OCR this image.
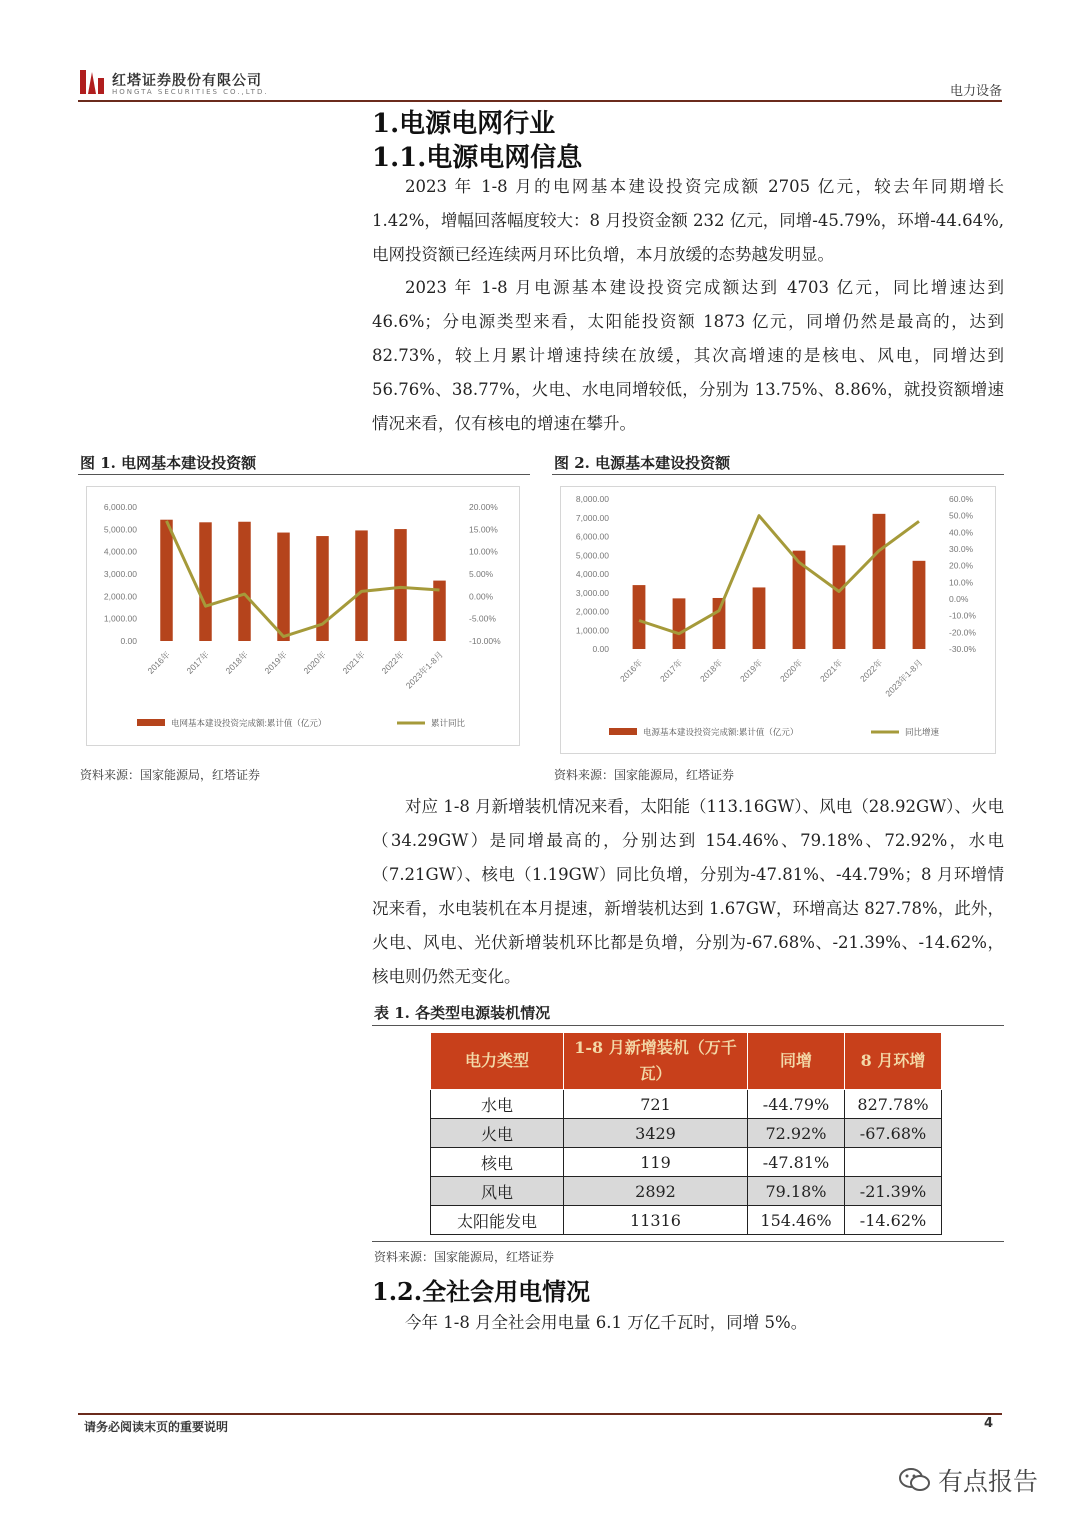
红塔证券股份有限公司
HONGTA SECURITIES CO.,LTD.	电力设备
1.电源电网行业
1.1.电源电网信息

2023 年 1-8 月的电网基本建设投资完成额 2705 亿元，较去年同期增长 1.42%，增幅回落幅度较大：8 月投资金额 232 亿元，同增-45.79%，环增-44.64%,电网投资额已经连续两月环比负增，本月放缓的态势越发明显。

2023 年 1-8 月电源基本建设投资完成额达到 4703 亿元，同比增速达到 46.6%；分电源类型来看，太阳能投资额 1873 亿元，同增仍然是最高的，达到 82.73%，较上月累计增速持续在放缓，其次高增速的是核电、风电，同增达到 56.76%、38.77%，火电、水电同增较低，分别为 13.75%、8.86%，就投资额增速情况来看，仅有核电的增速在攀升。

图 1. 电网基本建设投资额
0.00
1,000.00
2,000.00
3,000.00
4,000.00
5,000.00
6,000.00
-10.00%
-5.00%
0.00%
5.00%
10.00%
15.00%
20.00%
2016年 2017年 2018年 2019年 2020年 2021年 2022年
2023年1-8月
电网基本建设投资完成额:累计值（亿元）	累计同比
资料来源：国家能源局，红塔证券
图 2. 电源基本建设投资额
0.00
1,000.00
2,000.00
3,000.00
4,000.00
5,000.00
6,000.00
7,000.00
8,000.00
-30.0%
-20.0%
-10.0%
0.0%
10.0%
20.0%
30.0%
40.0%
50.0%
60.0%
2016年 2017年 2018年 2019年 2020年 2021年 2022年
2023年1-8月
电源基本建设投资完成额:累计值（亿元）	同比增速
资料来源：国家能源局，红塔证券

对应 1-8 月新增装机情况来看，太阳能（113.16GW）、风电（28.92GW）、火电（34.29GW）是同增最高的，分别达到 154.46%、79.18%、72.92%，水电（7.21GW）、核电（1.19GW）同比负增，分别为-47.81%、-44.79%；8 月环增情况来看，水电装机在本月提速，新增装机达到 1.67GW，环增高达 827.78%，此外，火电、风电、光伏新增装机环比都是负增，分别为-67.68%、-21.39%、-14.62%，核电则仍然无变化。

表 1. 各类型电源装机情况
电力类型	1-8 月新增装机（万千瓦）	同增	8 月环增
水电	721	-44.79%	827.78%
火电	3429	72.92%	-67.68%
核电	119	-47.81%	
风电	2892	79.18%	-21.39%
太阳能发电	11316	154.46%	-14.62%
资料来源：国家能源局，红塔证券
1.2.全社会用电情况

今年 1-8 月全社会用电量 6.1 万亿千瓦时，同增 5%。

请务必阅读末页的重要说明	4
有点报告
